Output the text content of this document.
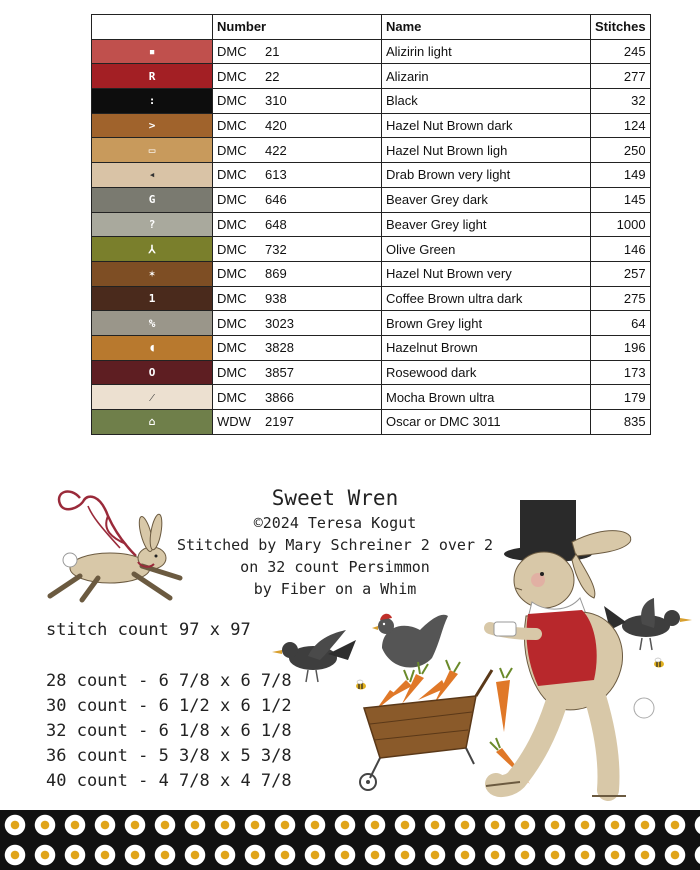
	Number	Name	Stitches

▪	DMC 21	Alizirin light	245

R	DMC 22	Alizarin	277

:	DMC 310	Black	32

>	DMC 420	Hazel Nut Brown dark	124

▭	DMC 422	Hazel Nut Brown ligh	250

◂	DMC 613	Drab Brown very light	149

G	DMC 646	Beaver Grey dark	145

?	DMC 648	Beaver Grey light	1000

⅄	DMC 732	Olive Green	146

✶	DMC 869	Hazel Nut Brown very	257

1	DMC 938	Coffee Brown ultra dark	275

%	DMC 3023	Brown Grey light	64

◖	DMC 3828	Hazelnut Brown	196

O	DMC 3857	Rosewood dark	173

⁄	DMC 3866	Mocha Brown ultra	179

⌂	WDW 2197	Oscar or DMC 3011	835
Sweet Wren
©2024 Teresa Kogut
Stitched by Mary Schreiner 2 over 2
on 32 count Persimmon
by Fiber on a Whim
stitch count 97 x 97
28 count - 6 7/8 x 6 7/8
30 count - 6 1/2 x 6 1/2
32 count - 6 1/8 x 6 1/8
36 count - 5 3/8 x 5 3/8
40 count - 4 7/8 x 4 7/8
